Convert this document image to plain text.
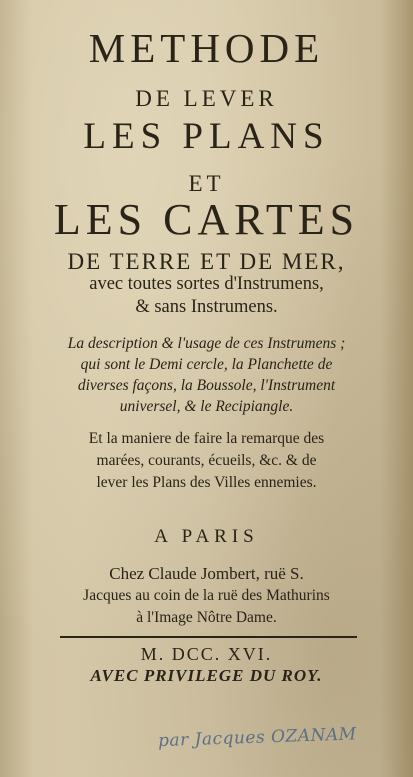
METHODE
DE LEVER
LES PLANS
ET
LES CARTES
DE TERRE ET DE MER,
avec toutes sortes d'Instrumens,
& sans Instrumens.
La description & l'usage de ces Instrumens ;
qui sont le Demi cercle, la Planchette de
diverses façons, la Boussole, l'Instrument
universel, & le Recipiangle.
Et la maniere de faire la remarque des
marées, courants, écueils, &c. & de
lever les Plans des Villes ennemies.
A PARIS
Chez Claude Jombert, ruë S.
Jacques au coin de la ruë des Mathurins
à l'Image Nôtre Dame.
M. DCC. XVI.
AVEC PRIVILEGE DU ROY.
par Jacques OZANAM
